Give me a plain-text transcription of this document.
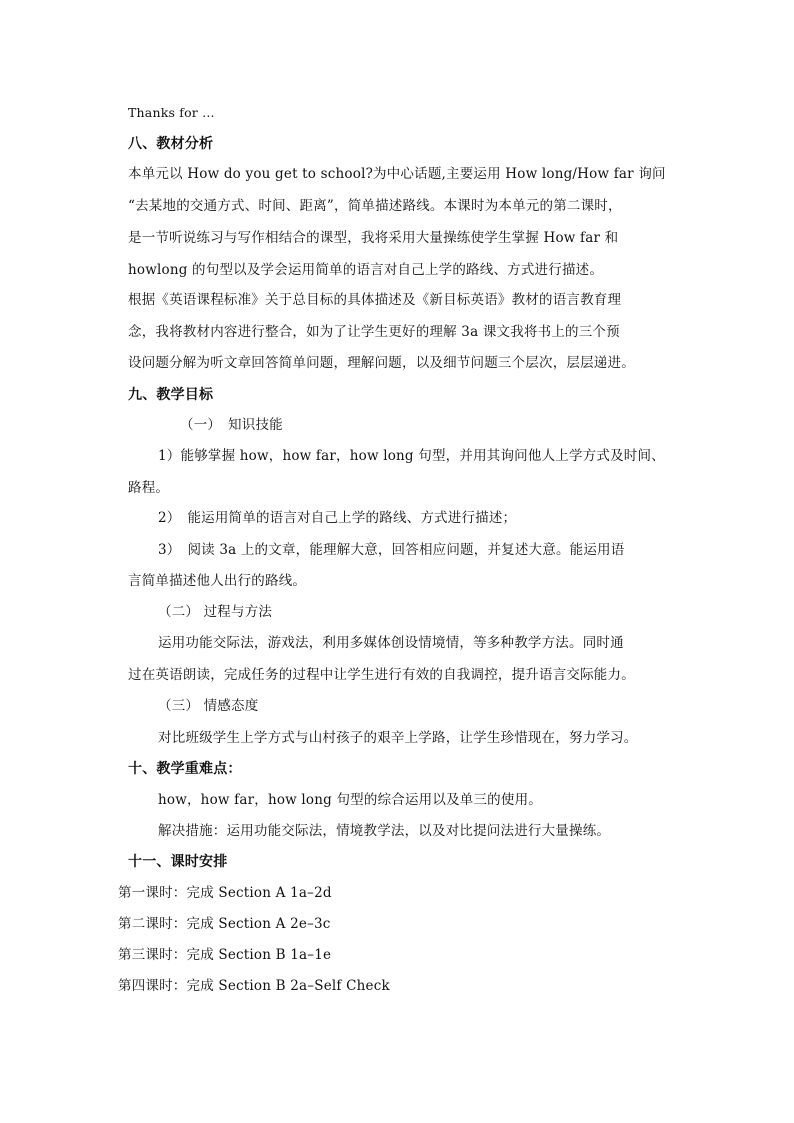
Thanks for …
八、教材分析
本单元以 How do you get to school?为中心话题,主要运用 How long/How far 询问
“去某地的交通方式、时间、距离”，简单描述路线。本课时为本单元的第二课时，
是一节听说练习与写作相结合的课型，我将采用大量操练使学生掌握 How far 和
howlong 的句型以及学会运用简单的语言对自己上学的路线、方式进行描述。
根据《英语课程标准》关于总目标的具体描述及《新目标英语》教材的语言教育理
念，我将教材内容进行整合，如为了让学生更好的理解 3a 课文我将书上的三个预
设问题分解为听文章回答简单问题，理解问题，以及细节问题三个层次，层层递进。
九、教学目标
（一）　知识技能
1）能够掌握 how，how far，how long 句型，并用其询问他人上学方式及时间、
路程。
2）　能运用简单的语言对自己上学的路线、方式进行描述；
3）　阅读 3a 上的文章，能理解大意，回答相应问题，并复述大意。能运用语
言简单描述他人出行的路线。
（二） 过程与方法
运用功能交际法，游戏法，利用多媒体创设情境情，等多种教学方法。同时通
过在英语朗读，完成任务的过程中让学生进行有效的自我调控，提升语言交际能力。
（三） 情感态度
对比班级学生上学方式与山村孩子的艰辛上学路，让学生珍惜现在，努力学习。
十、教学重难点：
how，how far，how long 句型的综合运用以及单三的使用。
解决措施：运用功能交际法，情境教学法，以及对比提问法进行大量操练。
十一、课时安排
第一课时：完成 Section A 1a–2d
第二课时：完成 Section A 2e–3c
第三课时：完成 Section B 1a–1e
第四课时：完成 Section B 2a–Self Check
